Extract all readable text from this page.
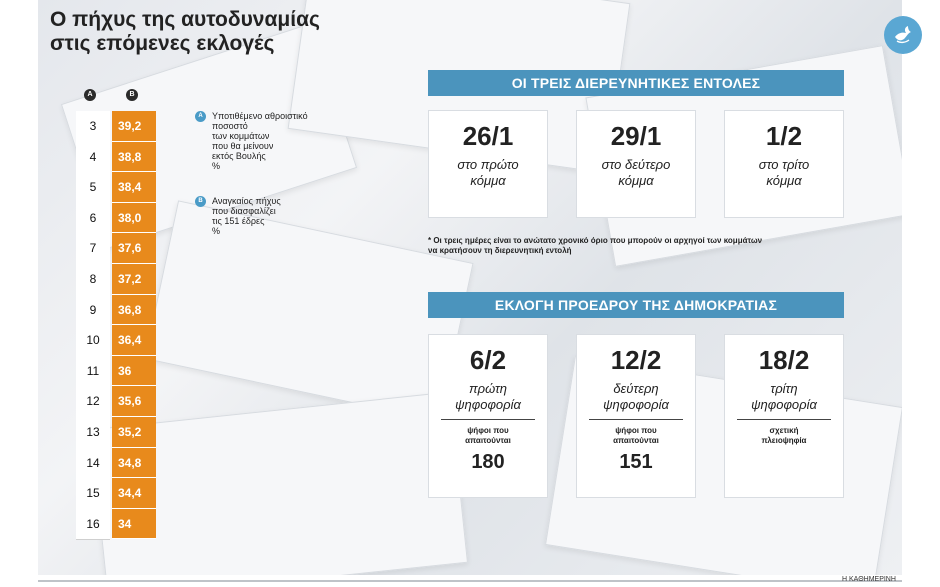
Ο πήχυς της αυτοδυναμίας
στις επόμενες εκλογές
Α	Β
3	39,2
4	38,8
5	38,4
6	38,0
7	37,6
8	37,2
9	36,8
10	36,4
11	36
12	35,6
13	35,2
14	34,8
15	34,4
16	34
Α	Υποτιθέμενο αθροιστικό
ποσοστό
των κομμάτων
που θα μείνουν
εκτός Βουλής
%
Β	Αναγκαίος πήχυς
που διασφαλίζει
τις 151 έδρες
%
ΟΙ ΤΡΕΙΣ ΔΙΕΡΕΥΝΗΤΙΚΕΣ ΕΝΤΟΛΕΣ
26/1
στο πρώτο
κόμμα
29/1
στο δεύτερο
κόμμα
1/2
στο τρίτο
κόμμα
* Οι τρεις ημέρες είναι το ανώτατο χρονικό όριο που μπορούν οι αρχηγοί των κομμάτων
να κρατήσουν τη διερευνητική εντολή
ΕΚΛΟΓΗ ΠΡΟΕΔΡΟΥ ΤΗΣ ΔΗΜΟΚΡΑΤΙΑΣ
6/2
πρώτη
ψηφοφορία
ψήφοι που
απαιτούνται
180
12/2
δεύτερη
ψηφοφορία
ψήφοι που
απαιτούνται
151
18/2
τρίτη
ψηφοφορία
σχετική
πλειοψηφία
Η ΚΑΘΗΜΕΡΙΝΗ
